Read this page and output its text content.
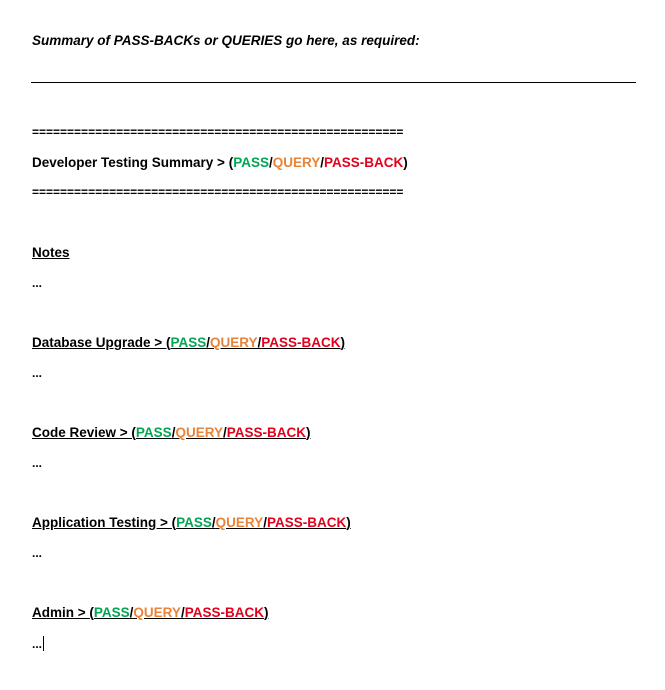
Summary of PASS-BACKs or QUERIES go here, as required:
=====================================================
Developer Testing Summary > (PASS/QUERY/PASS-BACK)
=====================================================
Notes
...
Database Upgrade > (PASS/QUERY/PASS-BACK)
...
Code Review > (PASS/QUERY/PASS-BACK)
...
Application Testing > (PASS/QUERY/PASS-BACK)
...
Admin > (PASS/QUERY/PASS-BACK)
...
